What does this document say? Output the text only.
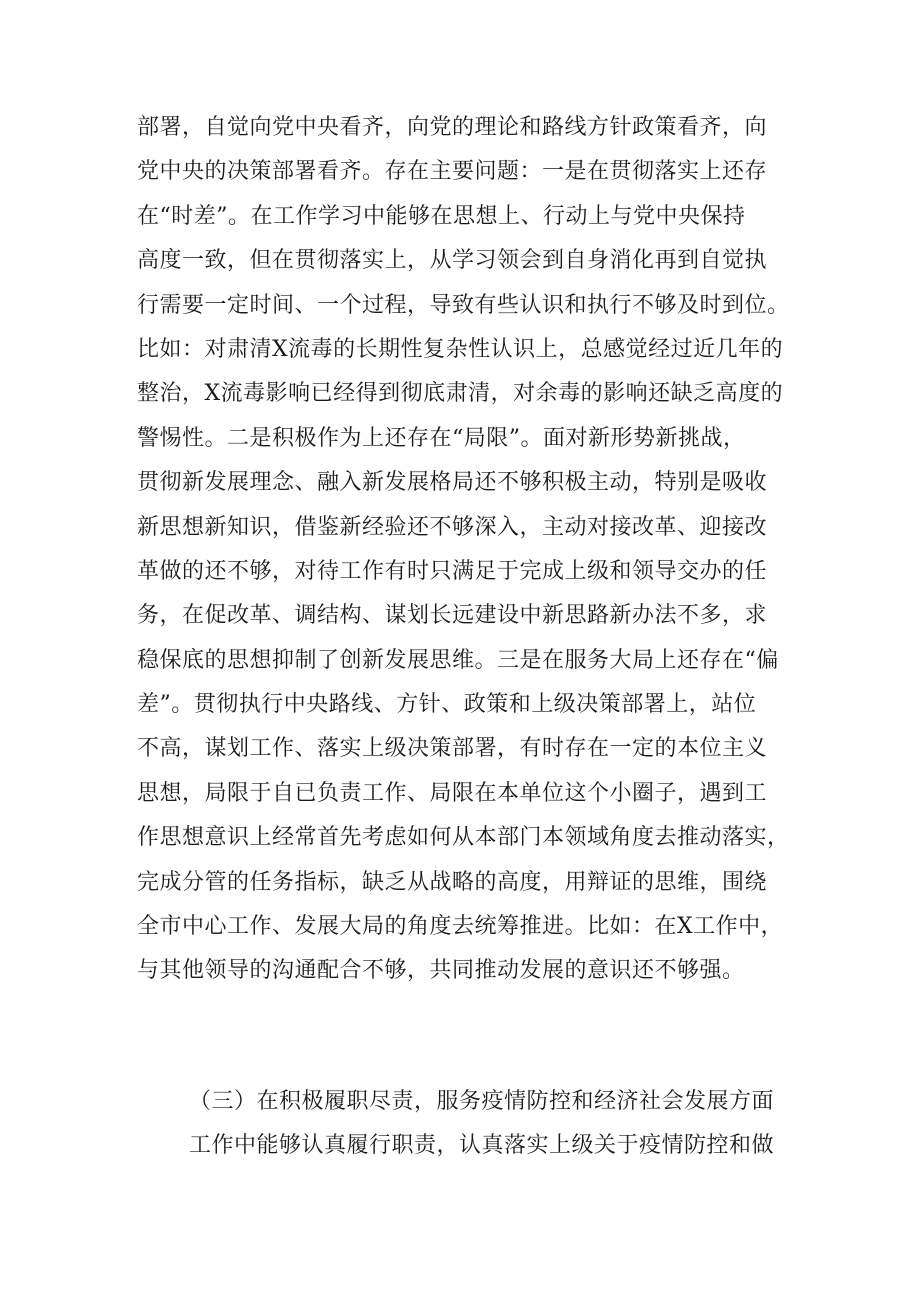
部署，自觉向党中央看齐，向党的理论和路线方针政策看齐，向
党中央的决策部署看齐。存在主要问题：一是在贯彻落实上还存
在“时差”。在工作学习中能够在思想上、行动上与党中央保持
高度一致，但在贯彻落实上，从学习领会到自身消化再到自觉执
行需要一定时间、一个过程，导致有些认识和执行不够及时到位。
比如：对肃清X流毒的长期性复杂性认识上，总感觉经过近几年的
整治，X流毒影响已经得到彻底肃清，对余毒的影响还缺乏高度的
警惕性。二是积极作为上还存在“局限”。面对新形势新挑战，
贯彻新发展理念、融入新发展格局还不够积极主动，特别是吸收
新思想新知识，借鉴新经验还不够深入，主动对接改革、迎接改
革做的还不够，对待工作有时只满足于完成上级和领导交办的任
务，在促改革、调结构、谋划长远建设中新思路新办法不多，求
稳保底的思想抑制了创新发展思维。三是在服务大局上还存在“偏
差”。贯彻执行中央路线、方针、政策和上级决策部署上，站位
不高，谋划工作、落实上级决策部署，有时存在一定的本位主义
思想，局限于自已负责工作、局限在本单位这个小圈子，遇到工
作思想意识上经常首先考虑如何从本部门本领域角度去推动落实，
完成分管的任务指标，缺乏从战略的高度，用辩证的思维，围绕
全市中心工作、发展大局的角度去统筹推进。比如：在X工作中，
与其他领导的沟通配合不够，共同推动发展的意识还不够强。
（三）在积极履职尽责，服务疫情防控和经济社会发展方面
工作中能够认真履行职责，认真落实上级关于疫情防控和做
